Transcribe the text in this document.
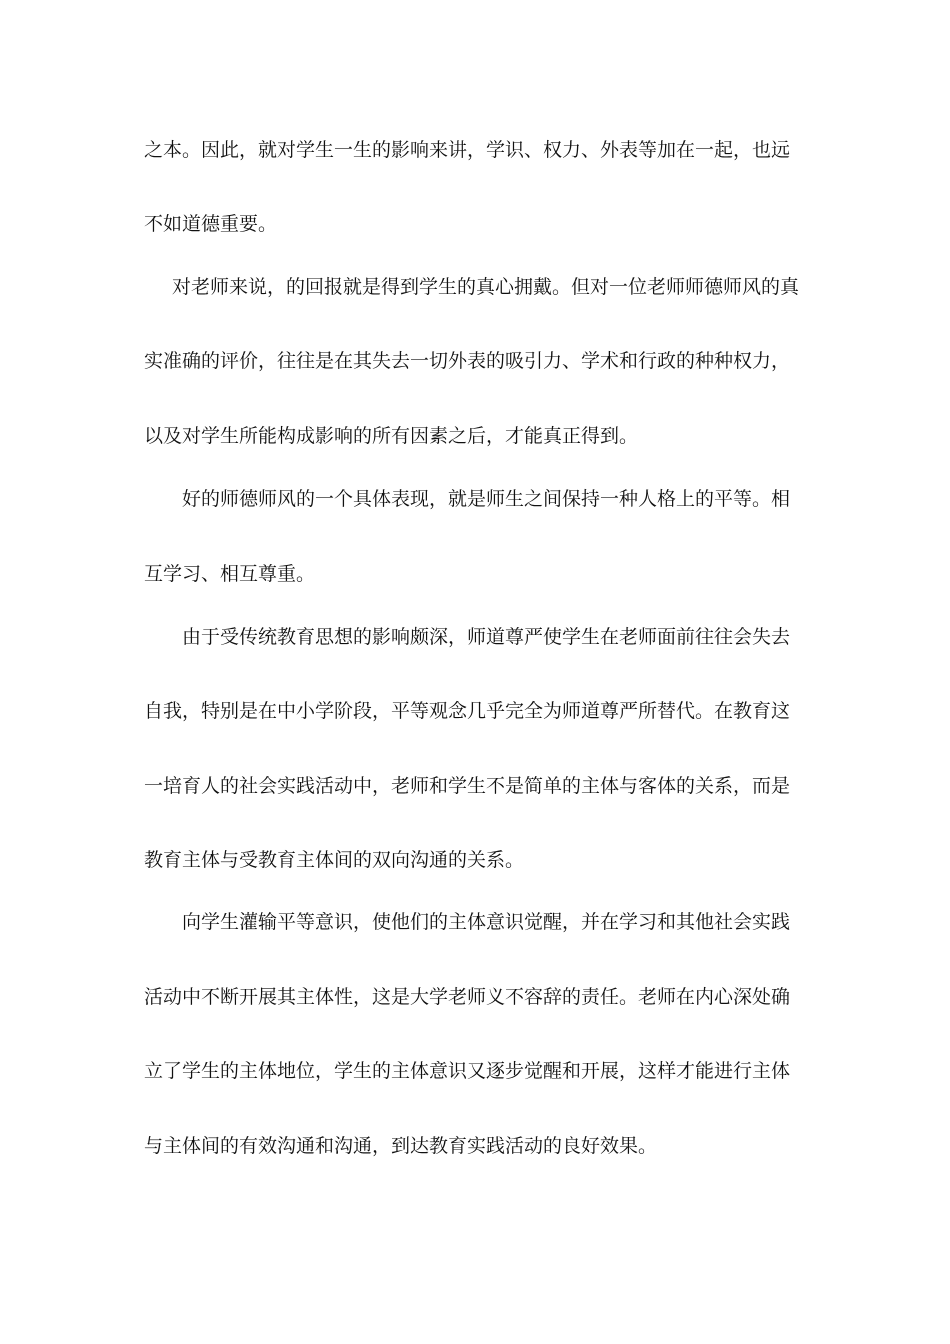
之本。因此，就对学生一生的影响来讲，学识、权力、外表等加在一起，也远
不如道德重要。
对老师来说，的回报就是得到学生的真心拥戴。但对一位老师师德师风的真
实准确的评价，往往是在其失去一切外表的吸引力、学术和行政的种种权力，
以及对学生所能构成影响的所有因素之后，才能真正得到。
好的师德师风的一个具体表现，就是师生之间保持一种人格上的平等。相
互学习、相互尊重。
由于受传统教育思想的影响颇深，师道尊严使学生在老师面前往往会失去
自我，特别是在中小学阶段，平等观念几乎完全为师道尊严所替代。在教育这
一培育人的社会实践活动中，老师和学生不是简单的主体与客体的关系，而是
教育主体与受教育主体间的双向沟通的关系。
向学生灌输平等意识，使他们的主体意识觉醒，并在学习和其他社会实践
活动中不断开展其主体性，这是大学老师义不容辞的责任。老师在内心深处确
立了学生的主体地位，学生的主体意识又逐步觉醒和开展，这样才能进行主体
与主体间的有效沟通和沟通，到达教育实践活动的良好效果。
